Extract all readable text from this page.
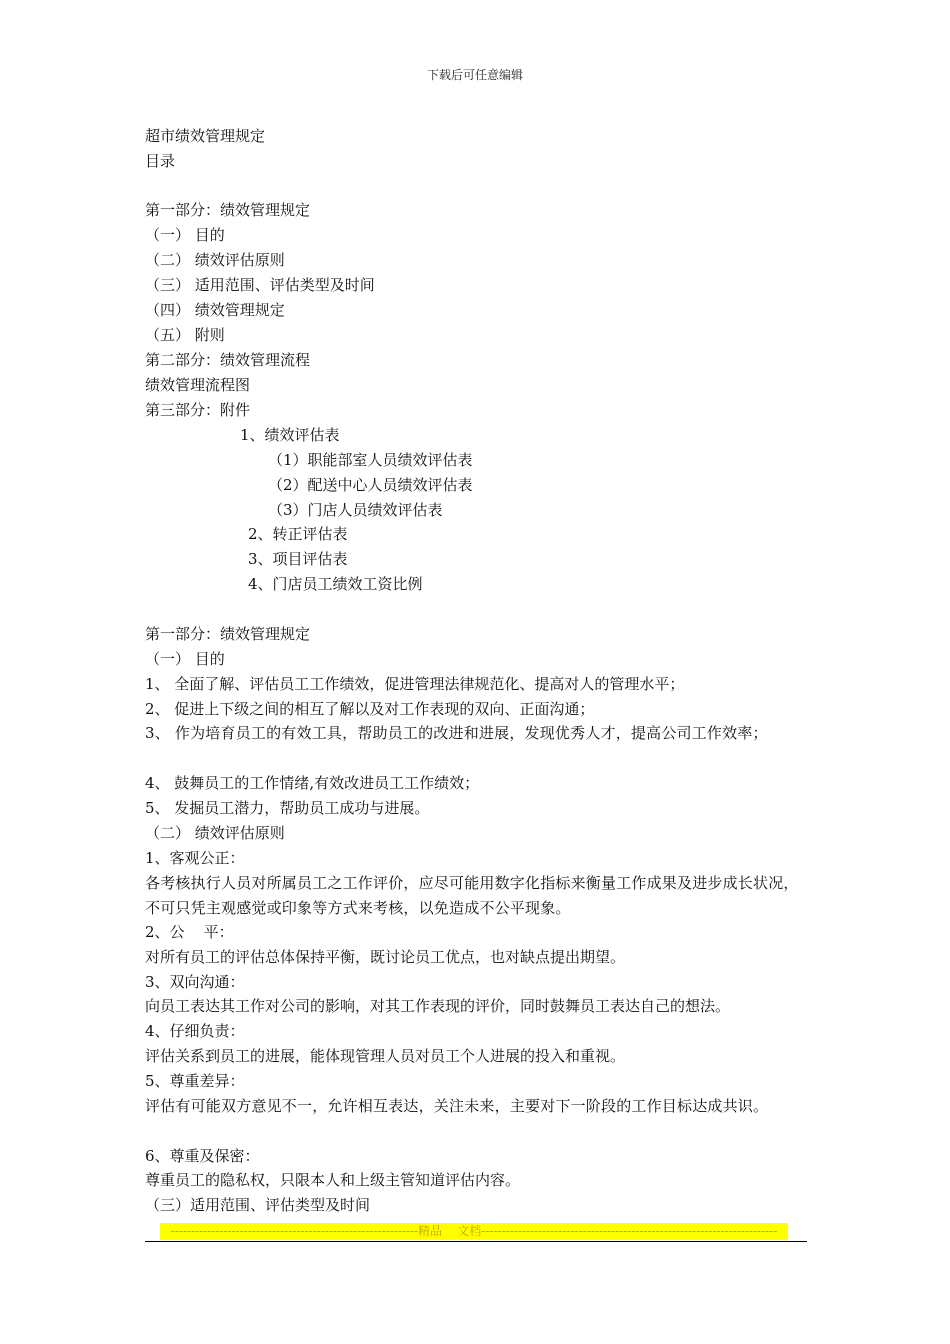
下载后可任意编辑

超市绩效管理规定

目录

第一部分：绩效管理规定

（一） 目的

（二） 绩效评估原则

（三） 适用范围、评估类型及时间

（四） 绩效管理规定

（五） 附则

第二部分：绩效管理流程

绩效管理流程图

第三部分：附件

1、绩效评估表

（1）职能部室人员绩效评估表

（2）配送中心人员绩效评估表

（3）门店人员绩效评估表

2、转正评估表

3、项目评估表

4、门店员工绩效工资比例

第一部分：绩效管理规定

（一） 目的

1、 全面了解、评估员工工作绩效，促进管理法律规范化、提高对人的管理水平；

2、 促进上下级之间的相互了解以及对工作表现的双向、正面沟通；

3、 作为培育员工的有效工具，帮助员工的改进和进展，发现优秀人才，提高公司工作效率；

4、 鼓舞员工的工作情绪,有效改进员工工作绩效；

5、 发掘员工潜力，帮助员工成功与进展。

（二） 绩效评估原则

1、客观公正：

各考核执行人员对所属员工之工作评价，应尽可能用数字化指标来衡量工作成果及进步成长状况，不可只凭主观感觉或印象等方式来考核，以免造成不公平现象。

2、公    平：

对所有员工的评估总体保持平衡，既讨论员工优点，也对缺点提出期望。

3、双向沟通：

向员工表达其工作对公司的影响，对其工作表现的评价，同时鼓舞员工表达自己的想法。

4、仔细负责：

评估关系到员工的进展，能体现管理人员对员工个人进展的投入和重视。

5、尊重差异：

评估有可能双方意见不一，允许相互表达，关注未来，主要对下一阶段的工作目标达成共识。

6、尊重及保密：

尊重员工的隐私权，只限本人和上级主管知道评估内容。

（三）适用范围、评估类型及时间

-------------------------------------------------------------精品    文档-------------------------------------------------------------------------
